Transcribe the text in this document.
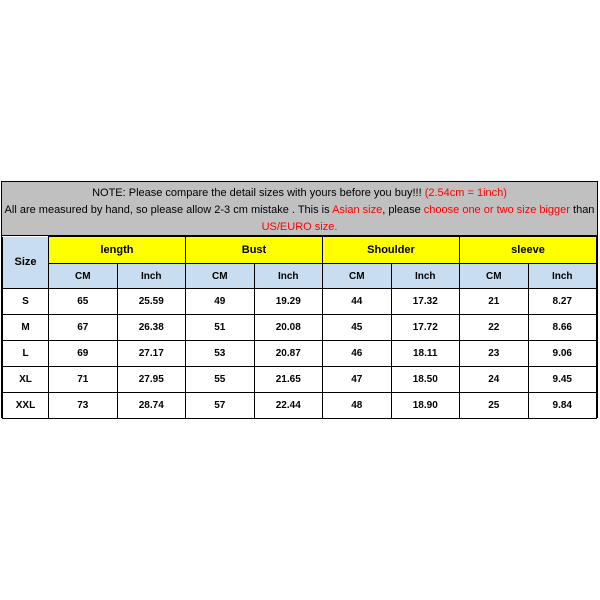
NOTE: Please compare the detail sizes with yours before you buy!!! (2.54cm = 1inch)
All are measured by hand, so please allow 2-3 cm mistake . This is Asian size, please choose one or two size bigger than
US/EURO size.
Size	length		Bust		Shoulder		sleeve	
	CM	Inch	CM	Inch	CM	Inch	CM	Inch
S	65	25.59	49	19.29	44	17.32	21	8.27
M	67	26.38	51	20.08	45	17.72	22	8.66
L	69	27.17	53	20.87	46	18.11	23	9.06
XL	71	27.95	55	21.65	47	18.50	24	9.45
XXL	73	28.74	57	22.44	48	18.90	25	9.84
